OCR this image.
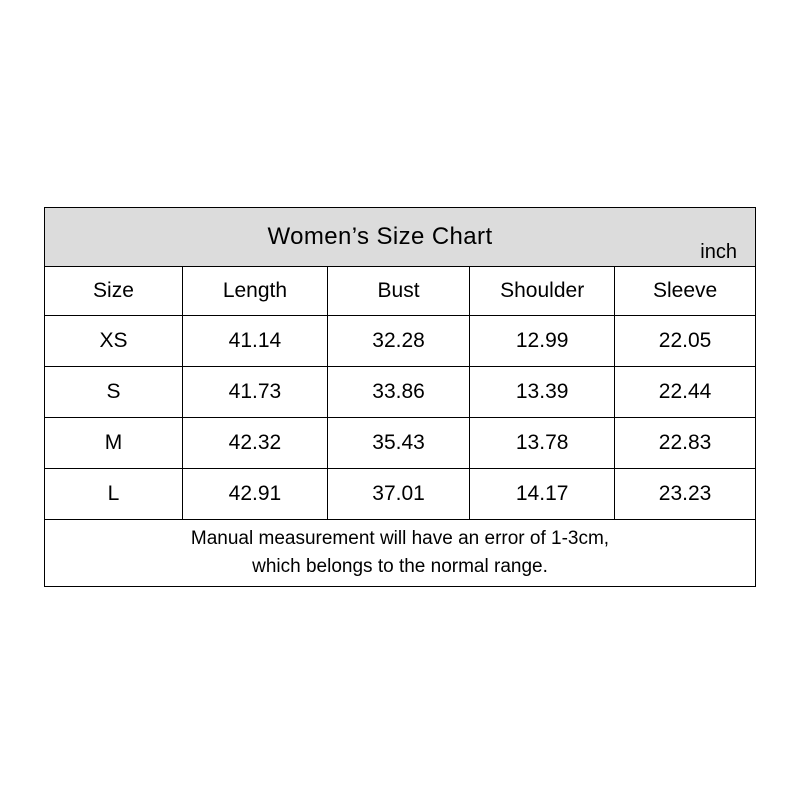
Women’s Size Chart
inch				

Size	Length	Bust	Shoulder	Sleeve
XS	41.14	32.28	12.99	22.05
S	41.73	33.86	13.39	22.44
M	42.32	35.43	13.78	22.83
L	42.91	37.01	14.17	23.23

Manual measurement will have an error of 1-3cm,
which belongs to the normal range.				
